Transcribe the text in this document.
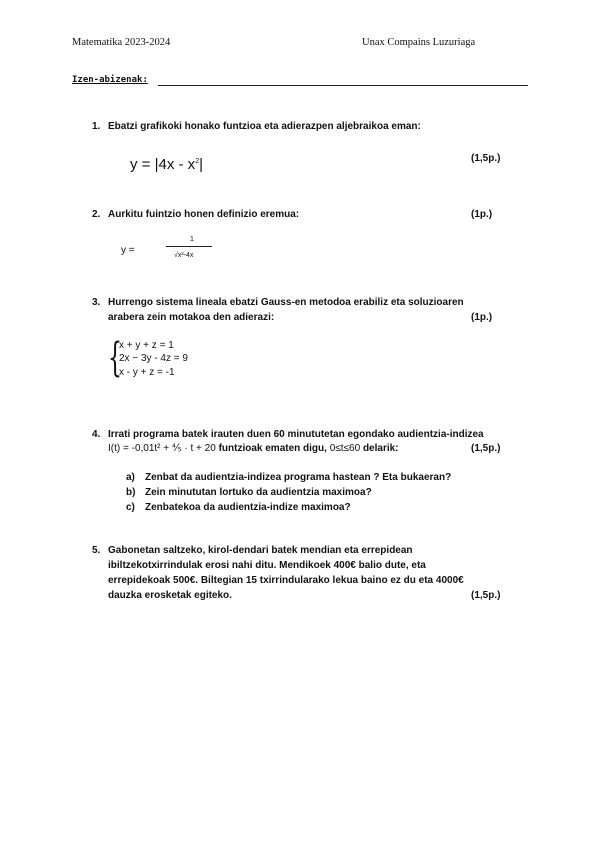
Matematika 2023-2024	Unax Compains Luzuriaga
Izen-abizenak:
1. Ebatzi grafikoki honako funtzioa eta adierazpen aljebraikoa eman:
$y = |4x - x^2|$	(1,5p.)
2. Aurkitu fuintzio honen definizio eremua:	(1p.)
y =
1
√x²-4x
3. Hurrengo sistema lineala ebatzi Gauss-en metodoa erabiliz eta soluzioaren
arabera zein motakoa den adierazi:	(1p.)
{
x + y + z = 1
2x − 3y - 4z = 9
x - y + z = -1
4. Irrati programa batek irauten duen 60 minututetan egondako audientzia-indizea
I(t) = -0,01t² + ⅘ · t + 20 funtzioak ematen digu, 0≤t≤60 delarik:	(1,5p.)
a) Zenbat da audientzia-indizea programa hastean ? Eta bukaeran?
b) Zein minututan lortuko da audientzia maximoa?
c) Zenbatekoa da audientzia-indize maximoa?
5. Gabonetan saltzeko, kirol-dendari batek mendian eta errepidean
ibiltzekotxirrindulak erosi nahi ditu. Mendikoek 400€ balio dute, eta
errepidekoak 500€. Biltegian 15 txirrindularako lekua baino ez du eta 4000€
dauzka erosketak egiteko.	(1,5p.)
